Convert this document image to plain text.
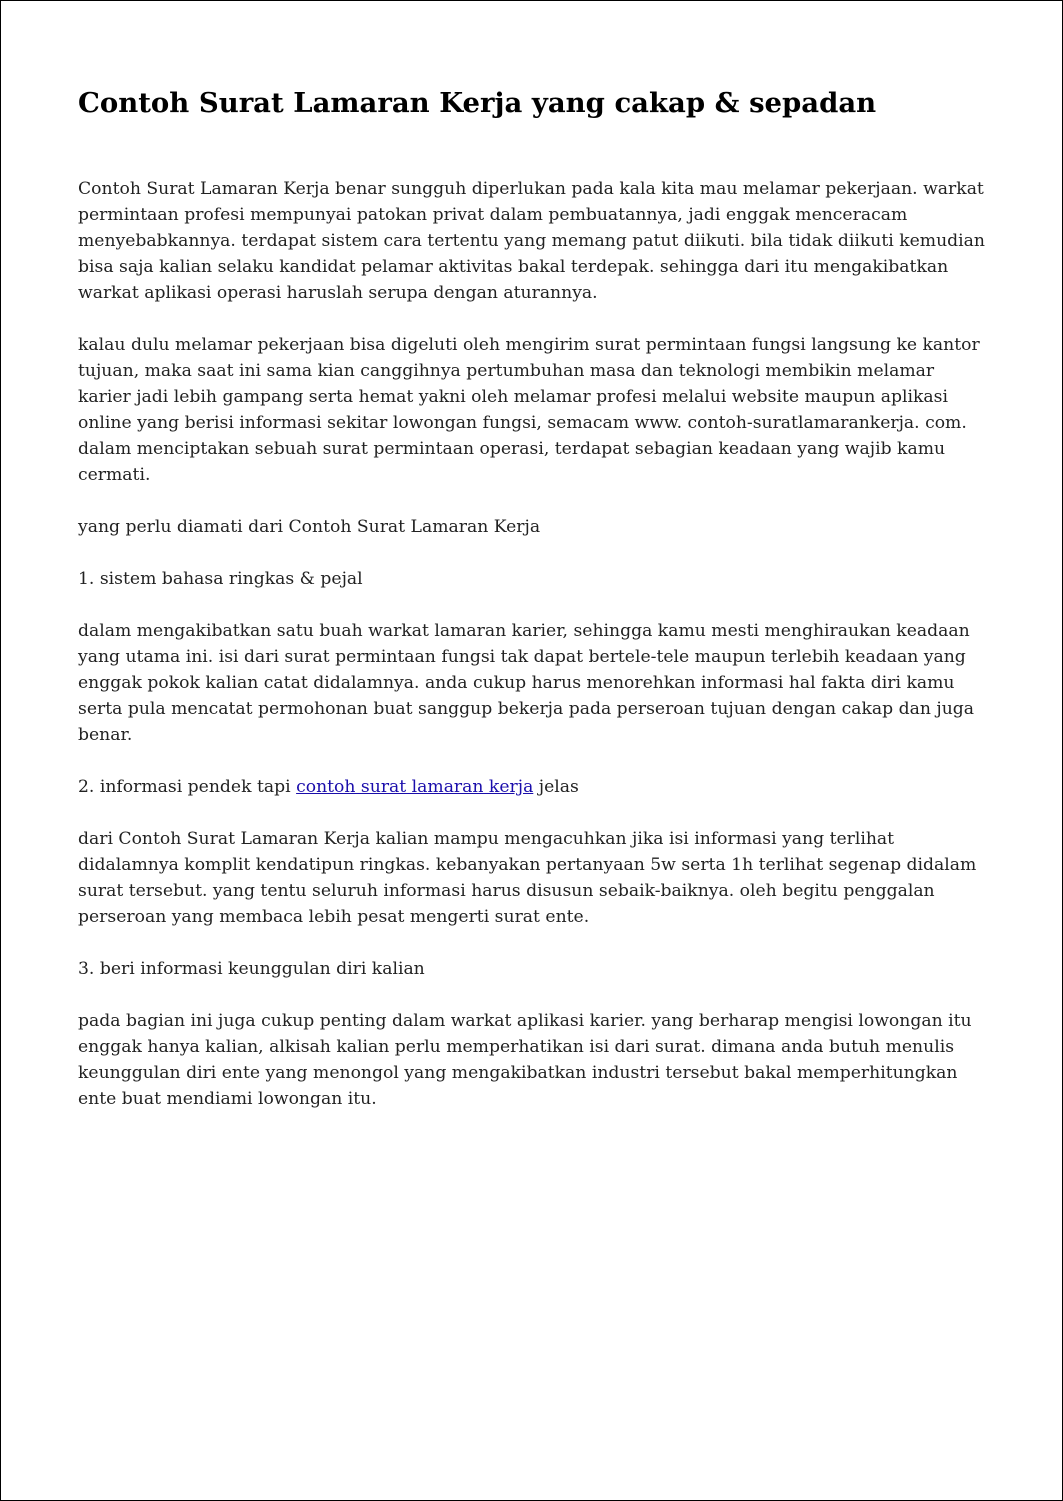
Contoh Surat Lamaran Kerja yang cakap & sepadan

Contoh Surat Lamaran Kerja benar sungguh diperlukan pada kala kita mau melamar pekerjaan. warkat permintaan profesi mempunyai patokan privat dalam pembuatannya, jadi enggak menceracam menyebabkannya. terdapat sistem cara tertentu yang memang patut diikuti. bila tidak diikuti kemudian bisa saja kalian selaku kandidat pelamar aktivitas bakal terdepak. sehingga dari itu mengakibatkan warkat aplikasi operasi haruslah serupa dengan aturannya.

kalau dulu melamar pekerjaan bisa digeluti oleh mengirim surat permintaan fungsi langsung ke kantor tujuan, maka saat ini sama kian canggihnya pertumbuhan masa dan teknologi membikin melamar karier jadi lebih gampang serta hemat yakni oleh melamar profesi melalui website maupun aplikasi online yang berisi informasi sekitar lowongan fungsi, semacam www. contoh-suratlamarankerja. com. dalam menciptakan sebuah surat permintaan operasi, terdapat sebagian keadaan yang wajib kamu cermati.

yang perlu diamati dari Contoh Surat Lamaran Kerja

1. sistem bahasa ringkas & pejal

dalam mengakibatkan satu buah warkat lamaran karier, sehingga kamu mesti menghiraukan keadaan yang utama ini. isi dari surat permintaan fungsi tak dapat bertele-tele maupun terlebih keadaan yang enggak pokok kalian catat didalamnya. anda cukup harus menorehkan informasi hal fakta diri kamu serta pula mencatat permohonan buat sanggup bekerja pada perseroan tujuan dengan cakap dan juga benar.

2. informasi pendek tapi contoh surat lamaran kerja jelas

dari Contoh Surat Lamaran Kerja kalian mampu mengacuhkan jika isi informasi yang terlihat didalamnya komplit kendatipun ringkas. kebanyakan pertanyaan 5w serta 1h terlihat segenap didalam surat tersebut. yang tentu seluruh informasi harus disusun sebaik-baiknya. oleh begitu penggalan perseroan yang membaca lebih pesat mengerti surat ente.

3. beri informasi keunggulan diri kalian

pada bagian ini juga cukup penting dalam warkat aplikasi karier. yang berharap mengisi lowongan itu enggak hanya kalian, alkisah kalian perlu memperhatikan isi dari surat. dimana anda butuh menulis keunggulan diri ente yang menongol yang mengakibatkan industri tersebut bakal memperhitungkan ente buat mendiami lowongan itu.
